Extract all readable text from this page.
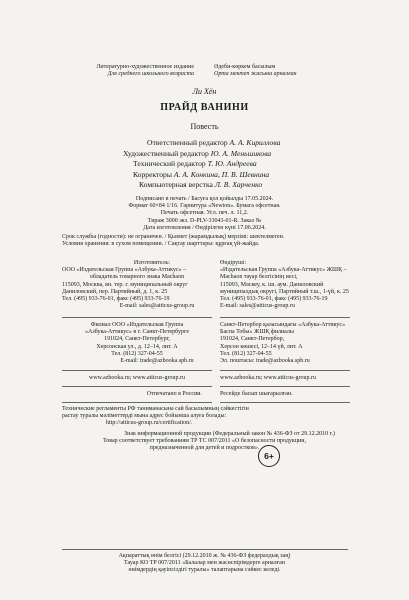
Литературно-художественное издание
Для среднего школьного возраста
Әдеби-көркем басылым
Орта мектеп жасына арналған
Ли Хён
ПРАЙД ВАНИНИ
Повесть
Ответственный редактор А. А. Кириллова
Художественный редактор Ю. А. Меньшикова
Технический редактор Т. Ю. Андреева
Корректоры А. А. Конкина, П. В. Шевнина
Компьютерная верстка Л. В. Харченко
Подписано в печать / Басуға қол қойылды 17.05.2024.
Формат 60×84 1/16. Гарнитура «Newton». Бумага офсетная.
Печать офсетная. Усл. печ. л. 11,2.
Тираж 3000 экз. D-PLV-33043-01-R. Заказ №
Дата изготовления / Өндірілген күні 17.06.2024.
Срок службы (годности): не ограничен. / Қызмет (жарамдылық) мерзімі: шектелмеген.
Условия хранения: в сухом помещении. / Сақтау шарттары: құрғақ үй-жайда.
Изготовитель:
ООО «Издательская Группа «Азбука-Аттикус» –
обладатель товарного знака Machaon
115093, Москва, вн. тер. г. муниципальный округ
Даниловский, пер. Партийный, д. 1, к. 25
Тел. (495) 933-76-01, факс (495) 933-76-19
E-mail: sales@atticus-group.ru
Өндіруші:
«Издательская Группа «Азбука-Аттикус» ЖШҚ –
Machaon тауар белгісінің иесі,
115093, Мәскеу, к. іш. аум. Даниловский
муниципалдық округі, Партийный т.ш., 1-үй, к. 25
Тел. (495) 933-76-01, факс (495) 933-76-19
E-mail: sales@atticus-group.ru
Филиал ООО «Издательская Группа
«Азбука-Аттикус» в г. Санкт-Петербурге
191024, Санкт-Петербург,
Херсонская ул., д. 12–14, лит. А
Тел. (812) 327-04-55
E-mail: trade@azbooka.spb.ru
Санкт-Петербор қаласындағы «Азбука-Аттикус»
Баспа Тобы» ЖШҚ филиалы
191024, Санкт-Петербор,
Херсон көшесі, 12–14 үй, лит. А
Тел. (812) 327-04-55
Эл. поштасы: trade@azbooka.spb.ru
www.azbooka.ru; www.atticus-group.ru	www.azbooka.ru; www.atticus-group.ru
Отпечатано в России.	Ресейде басып шығарылған.
Технические регламенты РФ таниманасына сай басылымның сәйкестігін
растау туралы мәліметтерді мына адрес бойынша алуға болады:
http://atticus-group.ru/certification/.
Знак информационной продукции (Федеральный закон № 436-ФЗ от 29.12.2010 г.)
Товар соответствует требованиям ТР ТС 007/2011 «О безопасности продукции,
предназначенной для детей и подростков».
6+
Ақпараттық өнім белгісі (29.12.2010 ж. № 436-ФЗ федералдық заң)
Тауар КО ТР 007/2011 «Балалар мен жасөспірімдерге арналған
өнімдердің қауіпсіздігі туралы» талаптарына сәйкес келеді.
